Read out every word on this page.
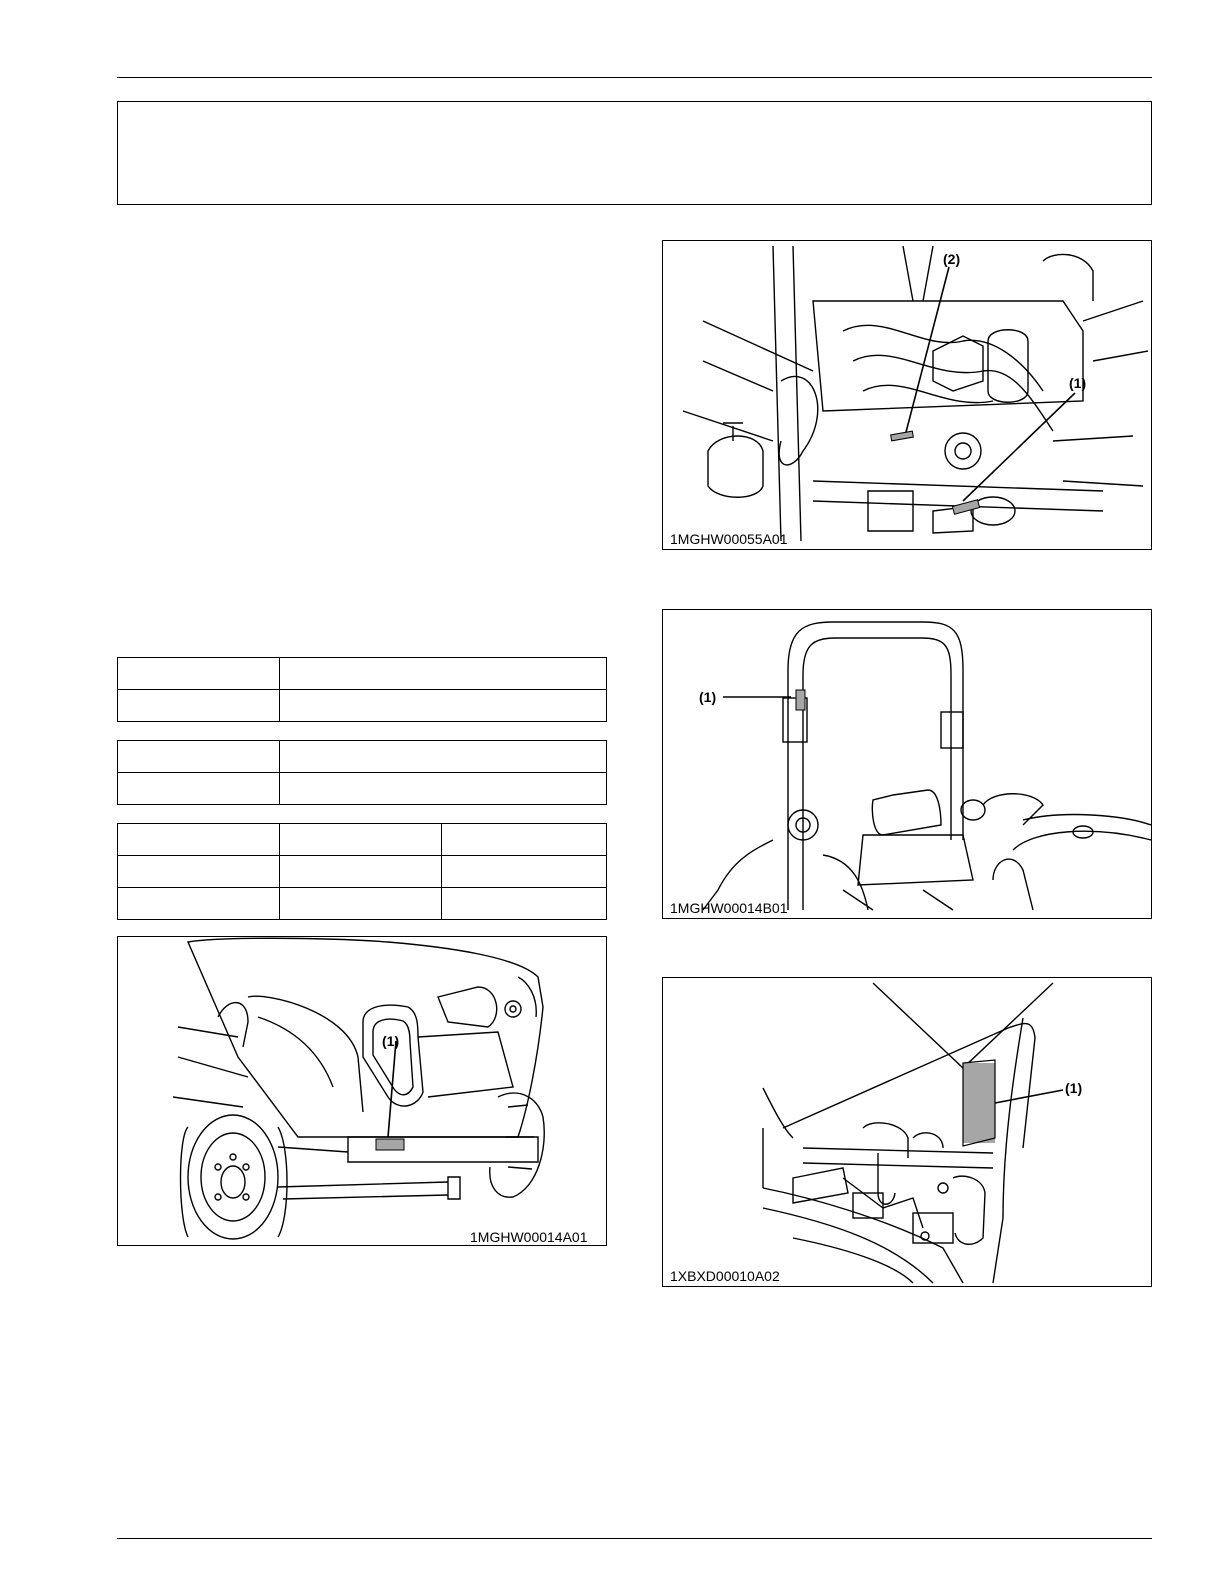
(2)
(1)
1MGHW00055A01
(1)
1MGHW00014B01
(1)
1MGHW00014A01
(1)
1XBXD00010A02
